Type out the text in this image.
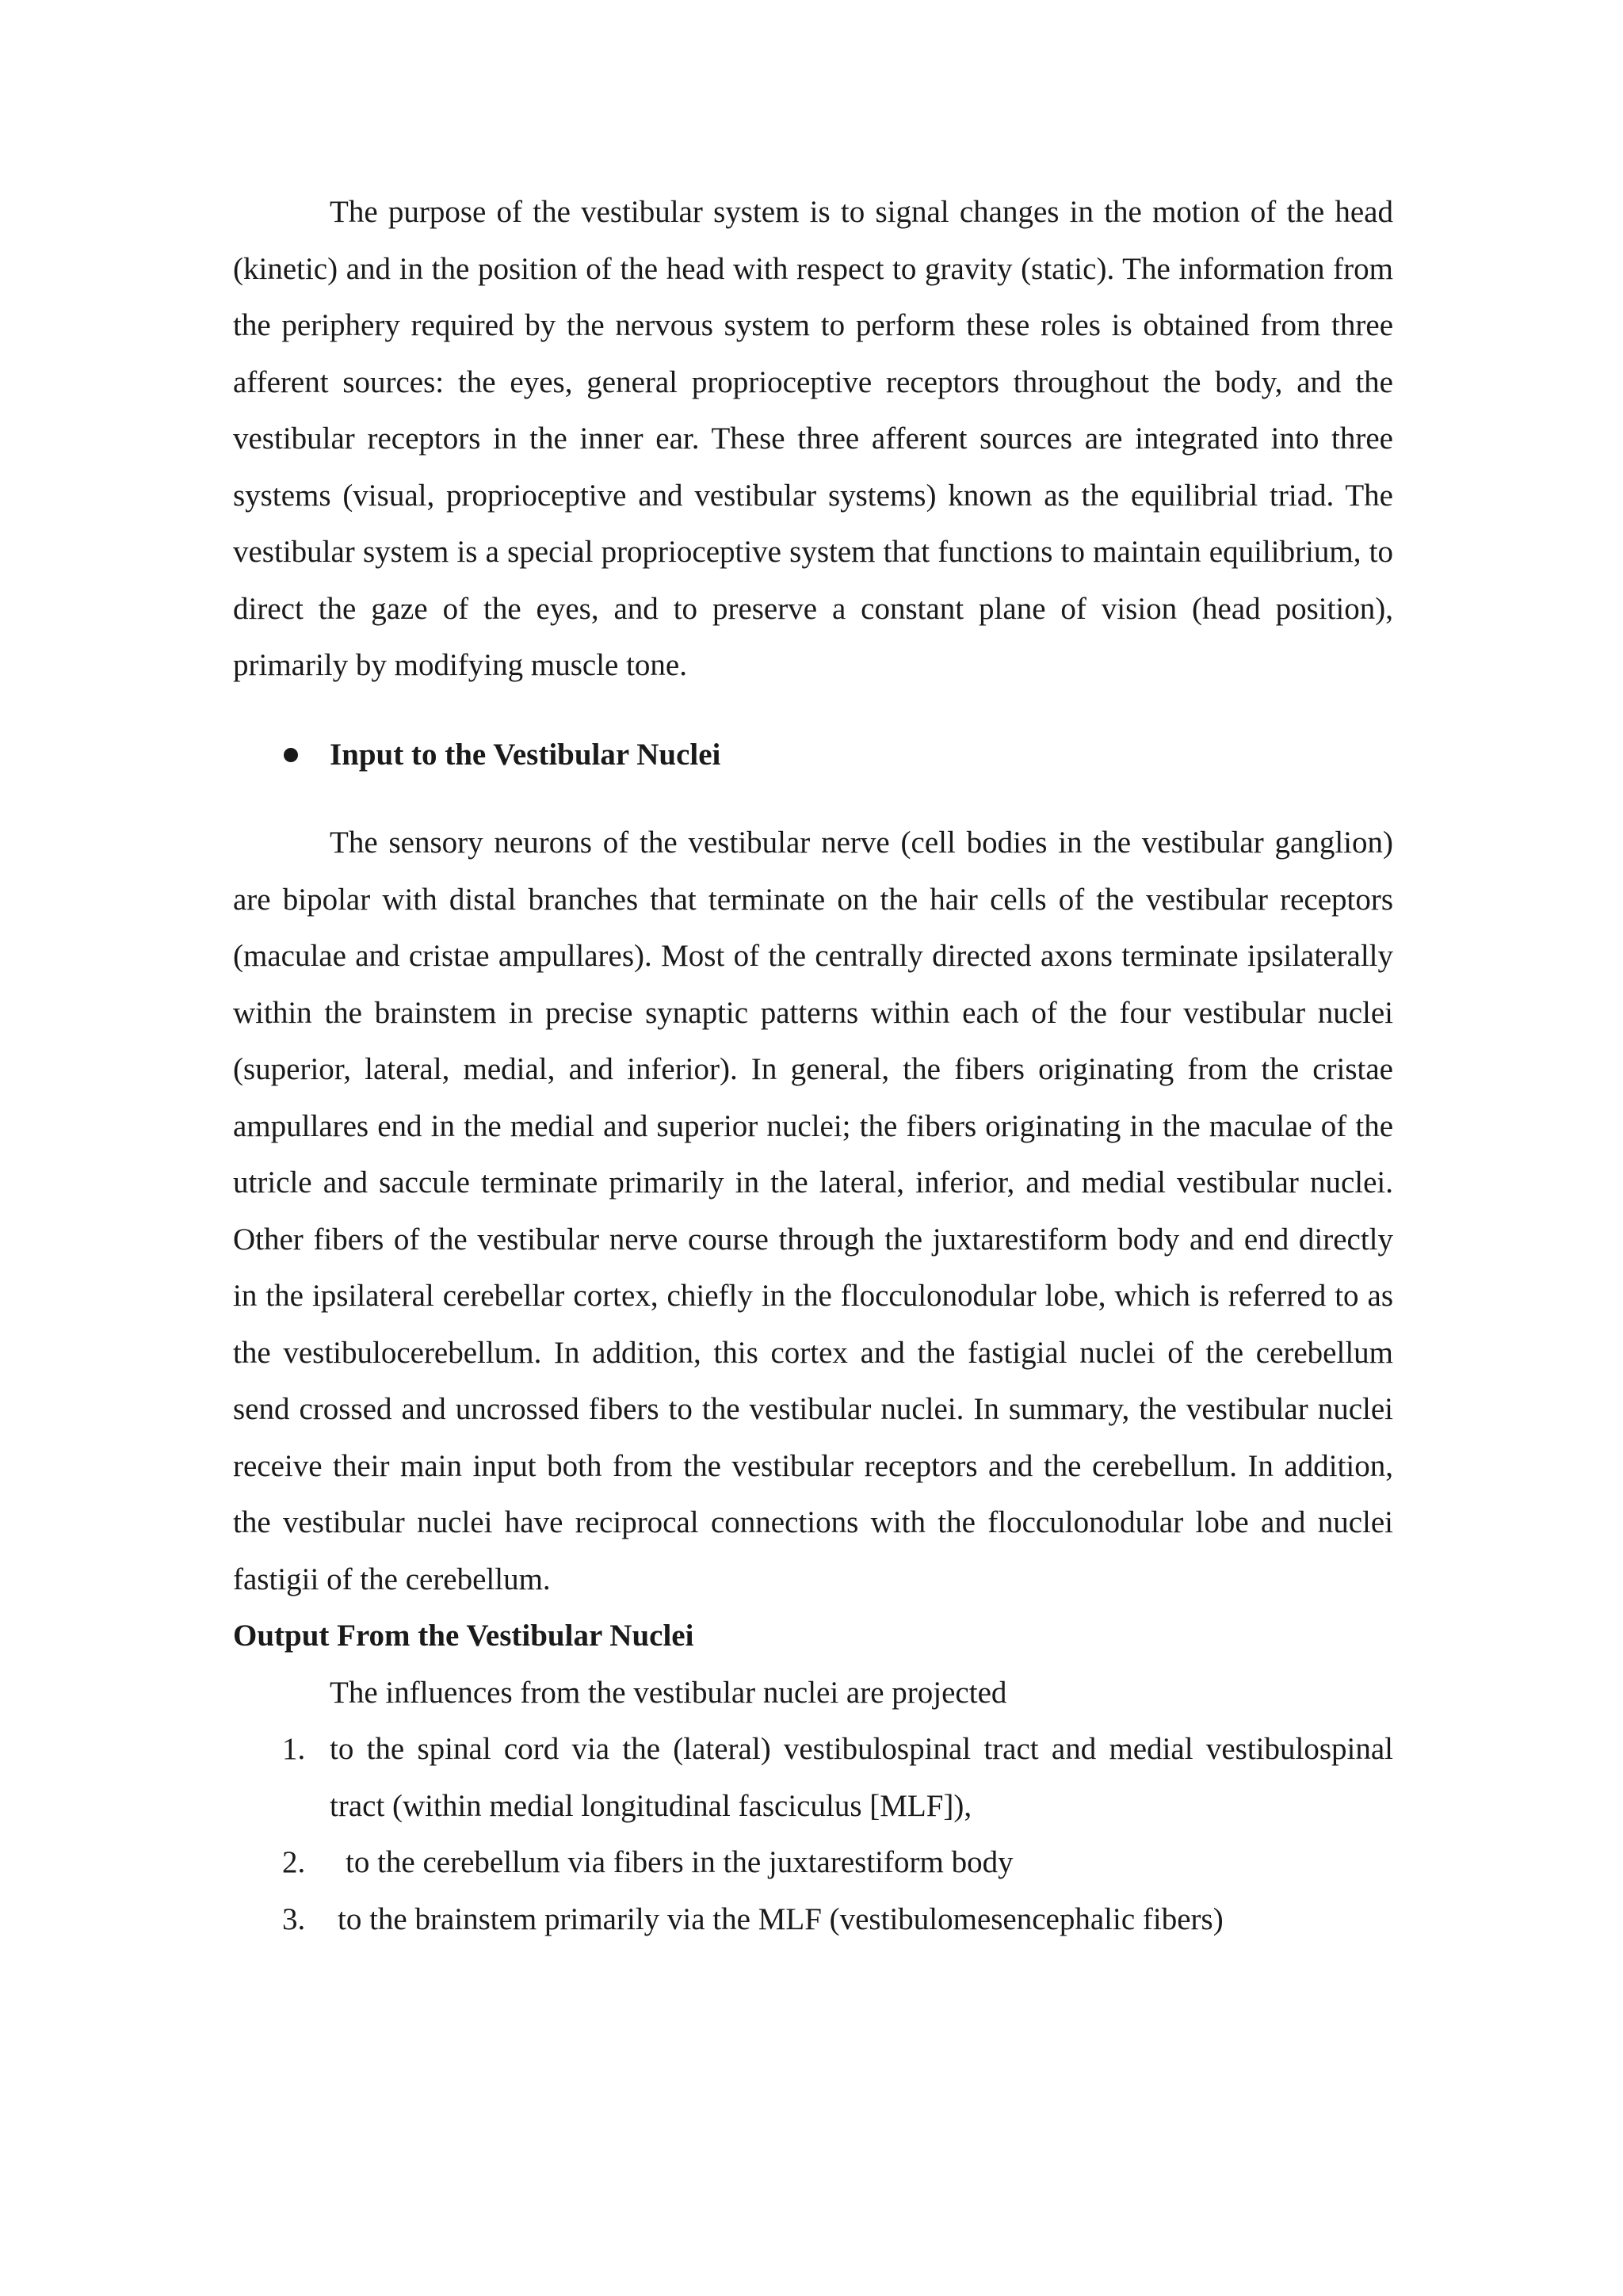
The purpose of the vestibular system is to signal changes in the motion of the head (kinetic) and in the position of the head with respect to gravity (static). The information from the periphery required by the nervous system to perform these roles is obtained from three afferent sources: the eyes, general proprioceptive receptors throughout the body, and the vestibular receptors in the inner ear. These three afferent sources are integrated into three systems (visual, proprioceptive and vestibular systems) known as the equilibrial triad. The vestibular system is a special proprioceptive system that functions to maintain equilibrium, to direct the gaze of the eyes, and to preserve a constant plane of vision (head position), primarily by modifying muscle tone.

Input to the Vestibular Nuclei

The sensory neurons of the vestibular nerve (cell bodies in the vestibular ganglion) are bipolar with distal branches that terminate on the hair cells of the vestibular receptors (maculae and cristae ampullares). Most of the centrally directed axons terminate ipsilaterally within the brainstem in precise synaptic patterns within each of the four vestibular nuclei (superior, lateral, medial, and inferior). In general, the fibers originating from the cristae ampullares end in the medial and superior nuclei; the fibers originating in the maculae of the utricle and saccule terminate primarily in the lateral, inferior, and medial vestibular nuclei. Other fibers of the vestibular nerve course through the juxtarestiform body and end directly in the ipsilateral cerebellar cortex, chiefly in the flocculonodular lobe, which is referred to as the vestibulocerebellum. In addition, this cortex and the fastigial nuclei of the cerebellum send crossed and uncrossed fibers to the vestibular nuclei. In summary, the vestibular nuclei receive their main input both from the vestibular receptors and the cerebellum. In addition, the vestibular nuclei have reciprocal connections with the flocculonodular lobe and nuclei fastigii of the cerebellum.

Output From the Vestibular Nuclei

The influences from the vestibular nuclei are projected

1. to the spinal cord via the (lateral) vestibulospinal tract and medial vestibulospinal tract (within medial longitudinal fasciculus [MLF]),
2. to the cerebellum via fibers in the juxtarestiform body
3. to the brainstem primarily via the MLF (vestibulomesencephalic fibers)
